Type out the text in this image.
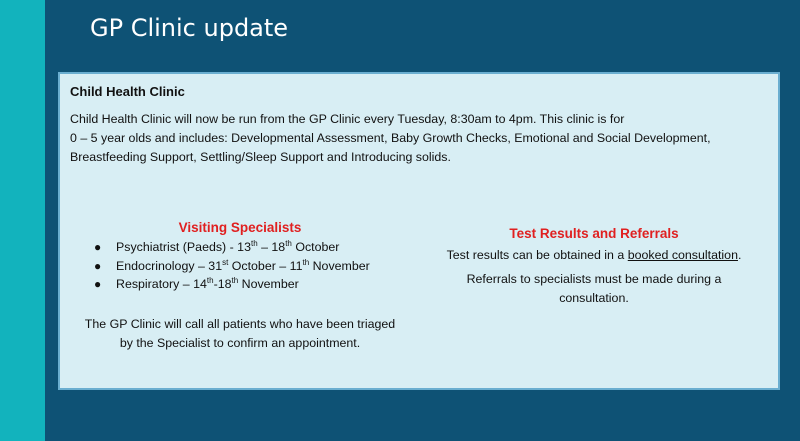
GP Clinic update
Child Health Clinic
Child Health Clinic will now be run from the GP Clinic every Tuesday, 8:30am to 4pm. This clinic is for
0 – 5 year olds and includes: Developmental Assessment, Baby Growth Checks, Emotional and Social Development,
Breastfeeding Support, Settling/Sleep Support and Introducing solids.
Visiting Specialists
● Psychiatrist (Paeds) - 13th – 18th October
● Endocrinology – 31st October – 11th November
● Respiratory – 14th-18th November
The GP Clinic will call all patients who have been triaged
by the Specialist to confirm an appointment.
Test Results and Referrals
Test results can be obtained in a booked consultation.
Referrals to specialists must be made during a
consultation.
